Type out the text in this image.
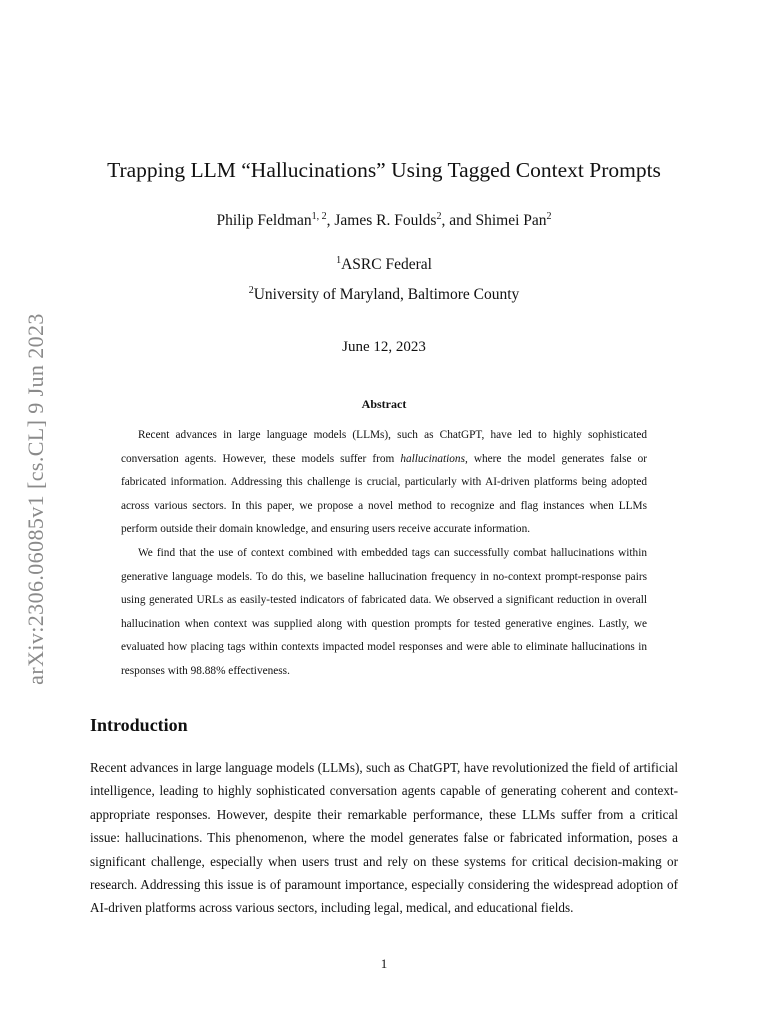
arXiv:2306.06085v1 [cs.CL] 9 Jun 2023
Trapping LLM “Hallucinations” Using Tagged Context Prompts
Philip Feldman$^{1, 2}$, James R. Foulds$^2$, and Shimei Pan$^2$
$^1$ASRC Federal
$^2$University of Maryland, Baltimore County
June 12, 2023
Abstract

Recent advances in large language models (LLMs), such as ChatGPT, have led to highly sophisticated conversation agents. However, these models suffer from hallucinations, where the model generates false or fabricated information. Addressing this challenge is crucial, particularly with AI-driven platforms being adopted across various sectors. In this paper, we propose a novel method to recognize and flag instances when LLMs perform outside their domain knowledge, and ensuring users receive accurate information.

We find that the use of context combined with embedded tags can successfully combat hallucinations within generative language models. To do this, we baseline hallucination frequency in no-context prompt-response pairs using generated URLs as easily-tested indicators of fabricated data. We observed a significant reduction in overall hallucination when context was supplied along with question prompts for tested generative engines. Lastly, we evaluated how placing tags within contexts impacted model responses and were able to eliminate hallucinations in responses with 98.88% effectiveness.

Introduction

Recent advances in large language models (LLMs), such as ChatGPT, have revolutionized the field of artificial intelligence, leading to highly sophisticated conversation agents capable of generating coherent and context-appropriate responses. However, despite their remarkable performance, these LLMs suffer from a critical issue: hallucinations. This phenomenon, where the model generates false or fabricated information, poses a significant challenge, especially when users trust and rely on these systems for critical decision-making or research. Addressing this issue is of paramount importance, especially considering the widespread adoption of AI-driven platforms across various sectors, including legal, medical, and educational fields.

1
